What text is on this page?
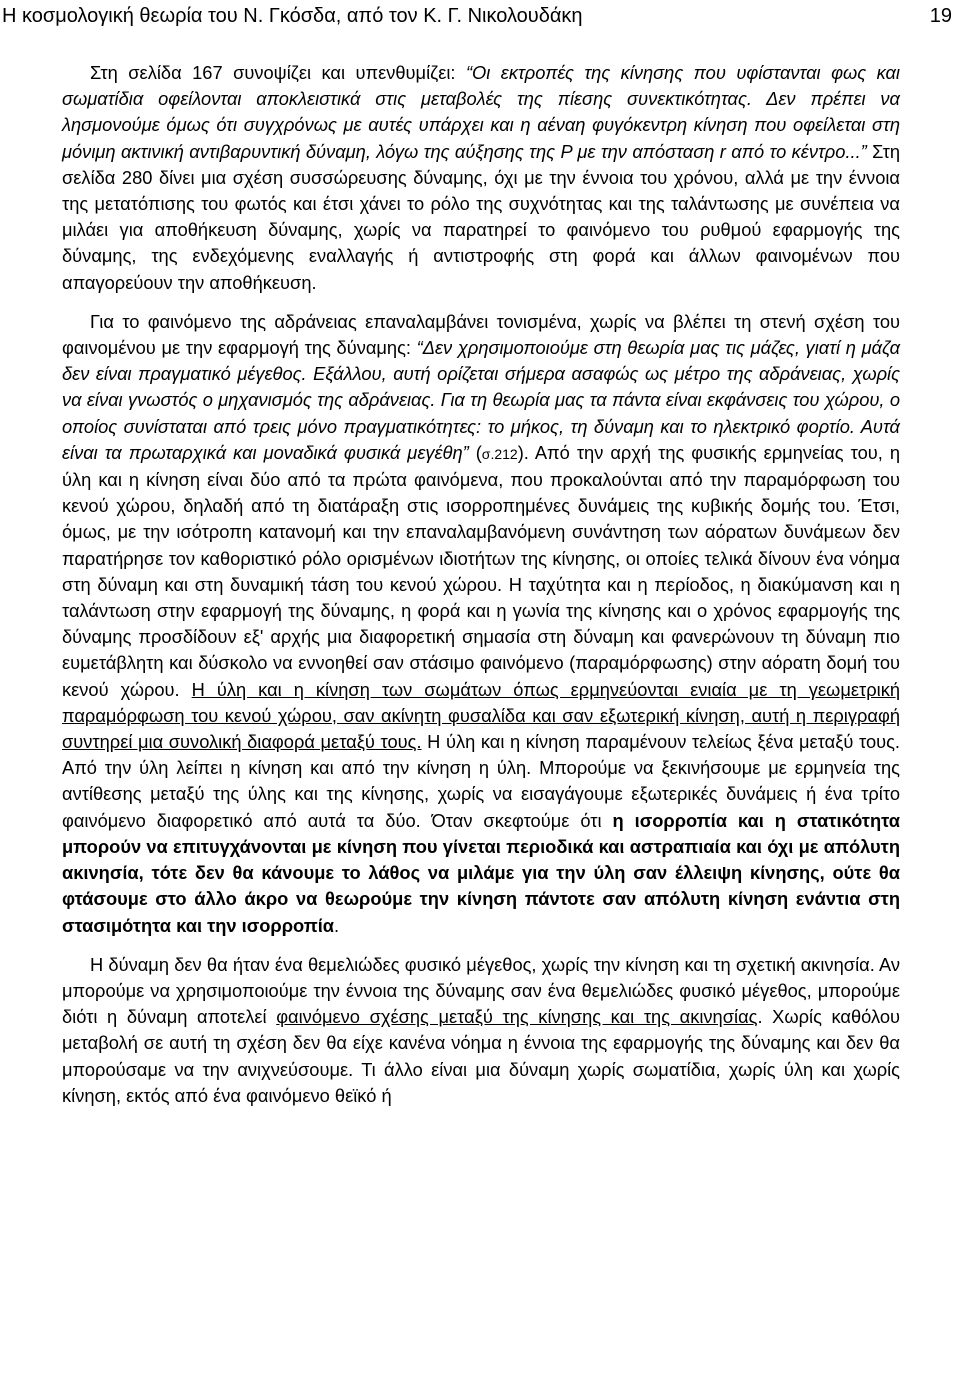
Η κοσμολογική θεωρία του Ν. Γκόσδα, από τον Κ. Γ. Νικολουδάκη	19

Στη σελίδα 167 συνοψίζει και υπενθυμίζει: “Οι εκτροπές της κίνησης που υφίστανται φως και σωματίδια οφείλονται αποκλειστικά στις μεταβολές της πίεσης συνεκτικότητας. Δεν πρέπει να λησμονούμε όμως ότι συγχρόνως με αυτές υπάρχει και η αέναη φυγόκεντρη κίνηση που οφείλεται στη μόνιμη ακτινική αντιβαρυντική δύναμη, λόγω της αύξησης της P με την απόσταση r από το κέντρο...” Στη σελίδα 280 δίνει μια σχέση συσσώρευσης δύναμης, όχι με την έννοια του χρόνου, αλλά με την έννοια της μετατόπισης του φωτός και έτσι χάνει το ρόλο της συχνότητας και της ταλάντωσης με συνέπεια να μιλάει για αποθήκευση δύναμης, χωρίς να παρατηρεί το φαινόμενο του ρυθμού εφαρμογής της δύναμης, της ενδεχόμενης εναλλαγής ή αντιστροφής στη φορά και άλλων φαινομένων που απαγορεύουν την αποθήκευση.

Για το φαινόμενο της αδράνειας επαναλαμβάνει τονισμένα, χωρίς να βλέπει τη στενή σχέση του φαινομένου με την εφαρμογή της δύναμης: “Δεν χρησιμοποιούμε στη θεωρία μας τις μάζες, γιατί η μάζα δεν είναι πραγματικό μέγεθος. Εξάλλου, αυτή ορίζεται σήμερα ασαφώς ως μέτρο της αδράνειας, χωρίς να είναι γνωστός ο μηχανισμός της αδράνειας. Για τη θεωρία μας τα πάντα είναι εκφάνσεις του χώρου, ο οποίος συνίσταται από τρεις μόνο πραγματικότητες: το μήκος, τη δύναμη και το ηλεκτρικό φορτίο. Αυτά είναι τα πρωταρχικά και μοναδικά φυσικά μεγέθη” (σ.212). Από την αρχή της φυσικής ερμηνείας του, η ύλη και η κίνηση είναι δύο από τα πρώτα φαινόμενα, που προκαλούνται από την παραμόρφωση του κενού χώρου, δηλαδή από τη διατάραξη στις ισορροπημένες δυνάμεις της κυβικής δομής του. Έτσι, όμως, με την ισότροπη κατανομή και την επαναλαμβανόμενη συνάντηση των αόρατων δυνάμεων δεν παρατήρησε τον καθοριστικό ρόλο ορισμένων ιδιοτήτων της κίνησης, οι οποίες τελικά δίνουν ένα νόημα στη δύναμη και στη δυναμική τάση του κενού χώρου. Η ταχύτητα και η περίοδος, η διακύμανση και η ταλάντωση στην εφαρμογή της δύναμης, η φορά και η γωνία της κίνησης και ο χρόνος εφαρμογής της δύναμης προσδίδουν εξ' αρχής μια διαφορετική σημασία στη δύναμη και φανερώνουν τη δύναμη πιο ευμετάβλητη και δύσκολο να εννοηθεί σαν στάσιμο φαινόμενο (παραμόρφωσης) στην αόρατη δομή του κενού χώρου. Η ύλη και η κίνηση των σωμάτων όπως ερμηνεύονται ενιαία με τη γεωμετρική παραμόρφωση του κενού χώρου, σαν ακίνητη φυσαλίδα και σαν εξωτερική κίνηση, αυτή η περιγραφή συντηρεί μια συνολική διαφορά μεταξύ τους. Η ύλη και η κίνηση παραμένουν τελείως ξένα μεταξύ τους. Από την ύλη λείπει η κίνηση και από την κίνηση η ύλη. Μπορούμε να ξεκινήσουμε με ερμηνεία της αντίθεσης μεταξύ της ύλης και της κίνησης, χωρίς να εισαγάγουμε εξωτερικές δυνάμεις ή ένα τρίτο φαινόμενο διαφορετικό από αυτά τα δύο. Όταν σκεφτούμε ότι η ισορροπία και η στατικότητα μπορούν να επιτυγχάνονται με κίνηση που γίνεται περιοδικά και αστραπιαία και όχι με απόλυτη ακινησία, τότε δεν θα κάνουμε το λάθος να μιλάμε για την ύλη σαν έλλειψη κίνησης, ούτε θα φτάσουμε στο άλλο άκρο να θεωρούμε την κίνηση πάντοτε σαν απόλυτη κίνηση ενάντια στη στασιμότητα και την ισορροπία.

Η δύναμη δεν θα ήταν ένα θεμελιώδες φυσικό μέγεθος, χωρίς την κίνηση και τη σχετική ακινησία. Αν μπορούμε να χρησιμοποιούμε την έννοια της δύναμης σαν ένα θεμελιώδες φυσικό μέγεθος, μπορούμε διότι η δύναμη αποτελεί φαινόμενο σχέσης μεταξύ της κίνησης και της ακινησίας. Χωρίς καθόλου μεταβολή σε αυτή τη σχέση δεν θα είχε κανένα νόημα η έννοια της εφαρμογής της δύναμης και δεν θα μπορούσαμε να την ανιχνεύσουμε. Τι άλλο είναι μια δύναμη χωρίς σωματίδια, χωρίς ύλη και χωρίς κίνηση, εκτός από ένα φαινόμενο θεϊκό ή
